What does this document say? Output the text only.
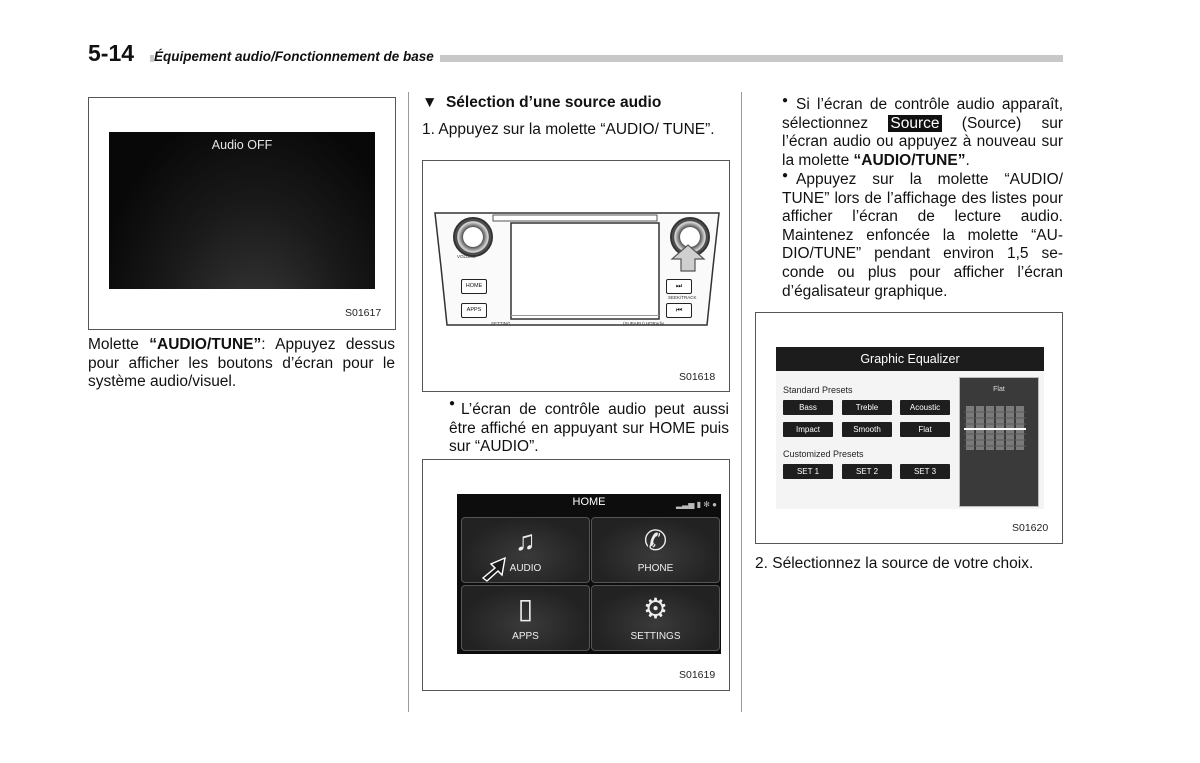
5-14 Équipement audio/Fonctionnement de base
Audio OFF
S01617
Molette “AUDIO/TUNE”: Appuyez dessus pour afficher les boutons d’écran pour le système audio/visuel.
▼ Sélection d’une source audio
1. Appuyez sur la molette “AUDIO/ TUNE”.
VOLUME
HOME
APPS
⏭
SEEK/TRACK
⏮
SETTING	(SUBARU) HDRadio
S01618
● L’écran de contrôle audio peut aussi être affiché en appuyant sur HOME puis sur “AUDIO”.
HOME	▂▃▅ ▮ ✻ ●
♫
AUDIO
✆
PHONE
▯
APPS
⚙
SETTINGS
S01619
● Si l’écran de contrôle audio apparaît, sélectionnez Source (Source) sur l’écran audio ou appuyez à nouveau sur la molette “AUDIO/TUNE”.
● Appuyez sur la molette “AUDIO/ TUNE” lors de l’affichage des listes pour afficher l’écran de lecture audio. Maintenez enfoncée la molette “AU- DIO/TUNE” pendant environ 1,5 se- conde ou plus pour afficher l’écran d’égalisateur graphique.
Graphic Equalizer
Standard Presets
Bass	Treble	Acoustic
Impact	Smooth	Flat
Customized Presets
SET 1	SET 2	SET 3
Flat
S01620
2. Sélectionnez la source de votre choix.
